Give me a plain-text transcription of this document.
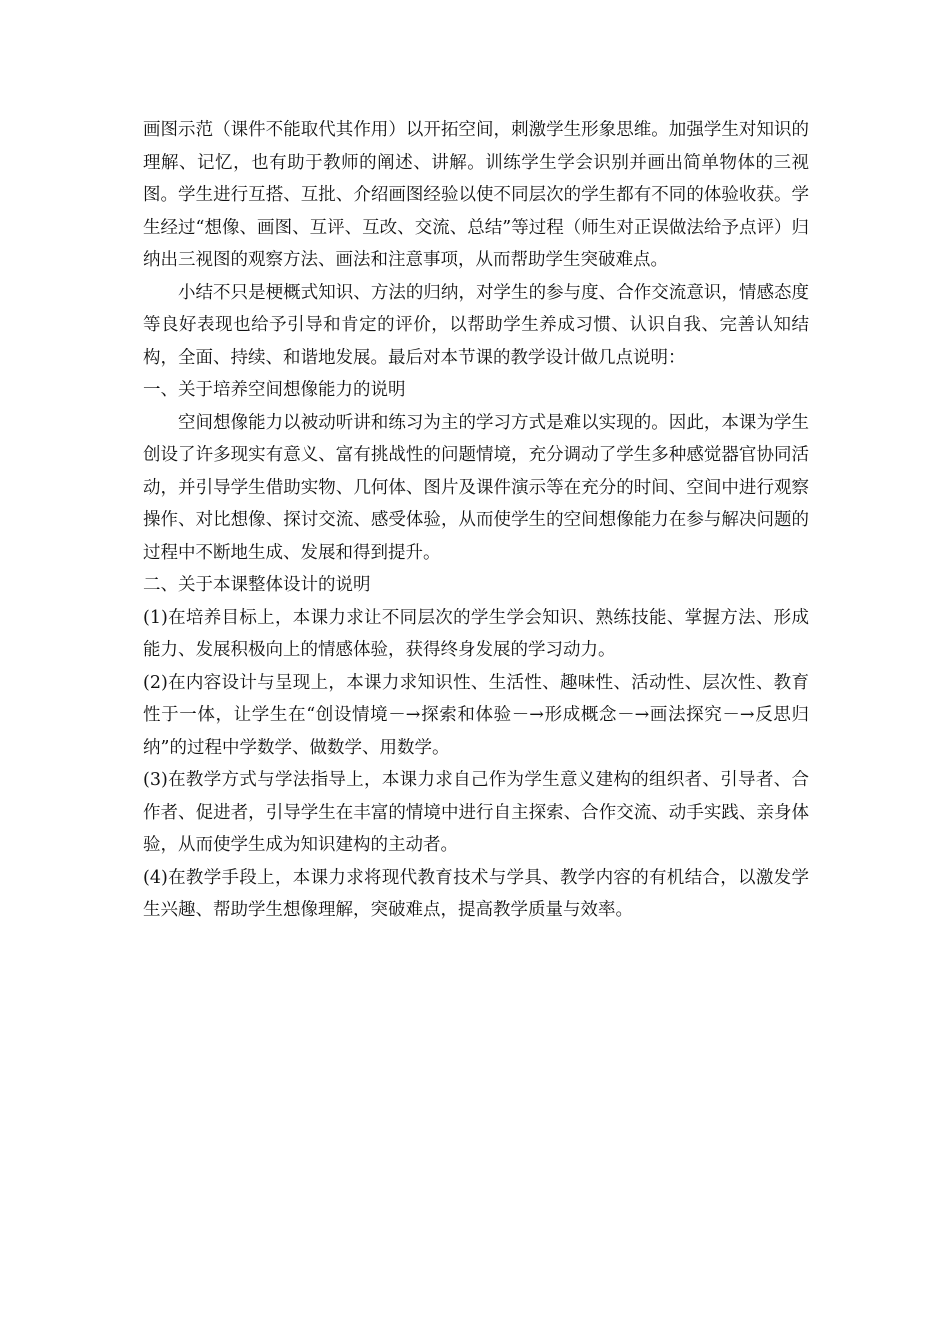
画图示范（课件不能取代其作用）以开拓空间，刺激学生形象思维。加强学生对知识的理解、记忆，也有助于教师的阐述、讲解。训练学生学会识别并画出简单物体的三视图。学生进行互搭、互批、介绍画图经验以使不同层次的学生都有不同的体验收获。学生经过“想像、画图、互评、互改、交流、总结”等过程（师生对正误做法给予点评）归纳出三视图的观察方法、画法和注意事项，从而帮助学生突破难点。

小结不只是梗概式知识、方法的归纳，对学生的参与度、合作交流意识，情感态度等良好表现也给予引导和肯定的评价，以帮助学生养成习惯、认识自我、完善认知结构，全面、持续、和谐地发展。最后对本节课的教学设计做几点说明：

一、关于培养空间想像能力的说明

空间想像能力以被动听讲和练习为主的学习方式是难以实现的。因此，本课为学生创设了许多现实有意义、富有挑战性的问题情境，充分调动了学生多种感觉器官协同活动，并引导学生借助实物、几何体、图片及课件演示等在充分的时间、空间中进行观察操作、对比想像、探讨交流、感受体验，从而使学生的空间想像能力在参与解决问题的过程中不断地生成、发展和得到提升。

二、关于本课整体设计的说明

(1)在培养目标上，本课力求让不同层次的学生学会知识、熟练技能、掌握方法、形成能力、发展积极向上的情感体验，获得终身发展的学习动力。

(2)在内容设计与呈现上，本课力求知识性、生活性、趣味性、活动性、层次性、教育性于一体，让学生在“创设情境－→探索和体验－→形成概念－→画法探究－→反思归纳”的过程中学数学、做数学、用数学。

(3)在教学方式与学法指导上，本课力求自己作为学生意义建构的组织者、引导者、合作者、促进者，引导学生在丰富的情境中进行自主探索、合作交流、动手实践、亲身体验，从而使学生成为知识建构的主动者。

(4)在教学手段上，本课力求将现代教育技术与学具、教学内容的有机结合，以激发学生兴趣、帮助学生想像理解，突破难点，提高教学质量与效率。
